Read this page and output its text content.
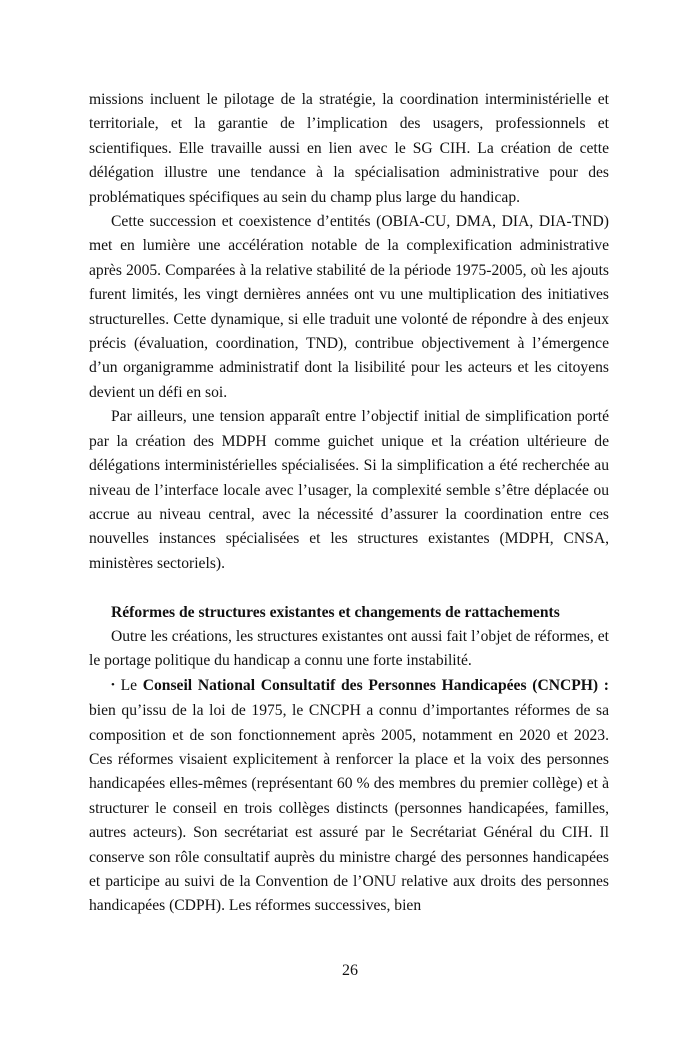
missions incluent le pilotage de la stratégie, la coordination interministérielle et territoriale, et la garantie de l’implication des usagers, professionnels et scientifiques. Elle travaille aussi en lien avec le SG CIH. La création de cette délégation illustre une tendance à la spécialisation administrative pour des problématiques spécifiques au sein du champ plus large du handicap.

Cette succession et coexistence d’entités (OBIA-CU, DMA, DIA, DIA-TND) met en lumière une accélération notable de la complexification administrative après 2005. Comparées à la relative stabilité de la période 1975-2005, où les ajouts furent limités, les vingt dernières années ont vu une multiplication des initiatives structurelles. Cette dynamique, si elle traduit une volonté de répondre à des enjeux précis (évaluation, coordination, TND), contribue objectivement à l’émergence d’un organigramme administratif dont la lisibilité pour les acteurs et les citoyens devient un défi en soi.

Par ailleurs, une tension apparaît entre l’objectif initial de simplification porté par la création des MDPH comme guichet unique et la création ultérieure de délégations interministérielles spécialisées. Si la simplification a été recherchée au niveau de l’interface locale avec l’usager, la complexité semble s’être déplacée ou accrue au niveau central, avec la nécessité d’assurer la coordination entre ces nouvelles instances spécialisées et les structures existantes (MDPH, CNSA, ministères sectoriels).

Réformes de structures existantes et changements de rattachements

Outre les créations, les structures existantes ont aussi fait l’objet de réformes, et le portage politique du handicap a connu une forte instabilité.

• Le Conseil National Consultatif des Personnes Handicapées (CNCPH) : bien qu’issu de la loi de 1975, le CNCPH a connu d’importantes réformes de sa composition et de son fonctionnement après 2005, notamment en 2020 et 2023. Ces réformes visaient explicitement à renforcer la place et la voix des personnes handicapées elles-mêmes (représentant 60 % des membres du premier collège) et à structurer le conseil en trois collèges distincts (personnes handicapées, familles, autres acteurs). Son secrétariat est assuré par le Secrétariat Général du CIH. Il conserve son rôle consultatif auprès du ministre chargé des personnes handicapées et participe au suivi de la Convention de l’ONU relative aux droits des personnes handicapées (CDPH). Les réformes successives, bien

26
